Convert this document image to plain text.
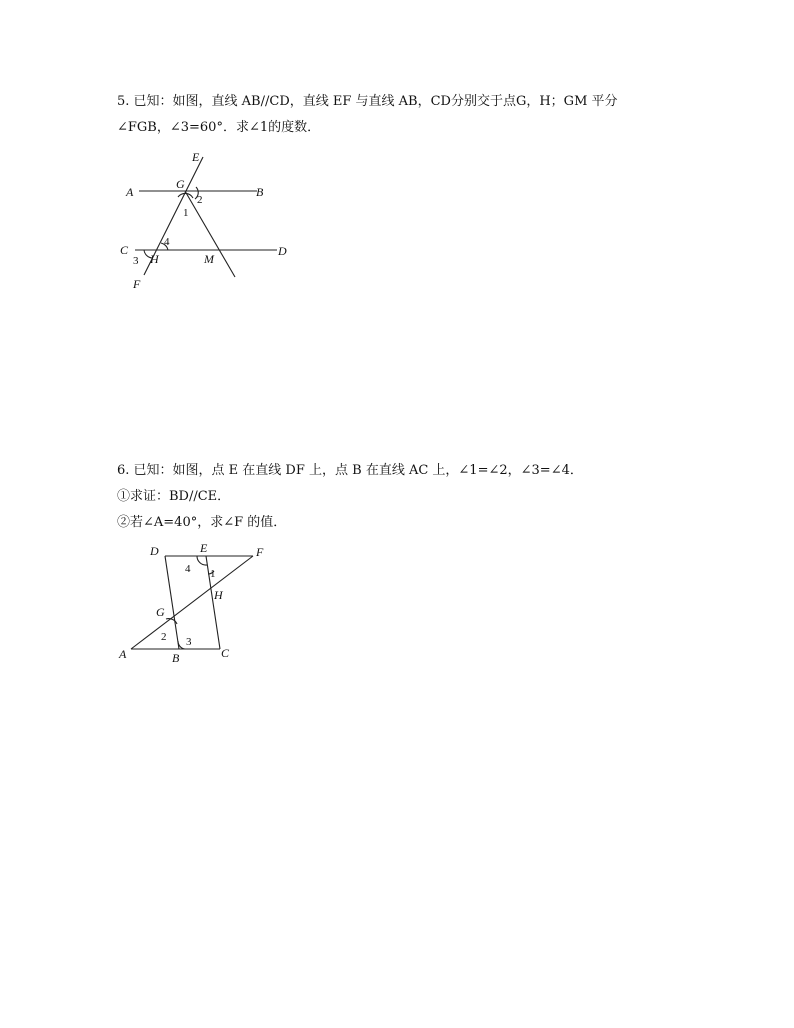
5. 已知：如图，直线 AB//CD，直线 EF 与直线 AB，CD分别交于点G，H；GM 平分
∠FGB，∠3=60°．求∠1的度数．
E
A
G
B
C	D
H	M
F
1
2
4
3
6. 已知：如图，点 E 在直线 DF 上，点 B 在直线 AC 上，∠1=∠2，∠3=∠4．
①求证：BD//CE．
②若∠A=40°，求∠F 的值．
D	E	F
G
H
A	B	C
4 1
2 3
